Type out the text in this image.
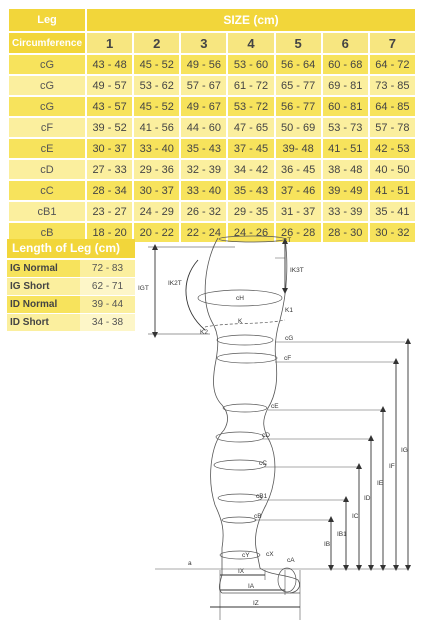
Leg	SIZE (cm)						
Circumference	1	2	3	4	5	6	7
cG	43 - 48	45 - 52	49 - 56	53 - 60	56 - 64	60 - 68	64 - 72
cG	49 - 57	53 - 62	57 - 67	61 - 72	65 - 77	69 - 81	73 - 85
cG	43 - 57	45 - 52	49 - 67	53 - 72	56 - 77	60 - 81	64 - 85
cF	39 - 52	41 - 56	44 - 60	47 - 65	50 - 69	53 - 73	57 - 78
cE	30 - 37	33 - 40	35 - 43	37 - 45	39- 48	41 - 51	42 - 53
cD	27 - 33	29 - 36	32 - 39	34 - 42	36 - 45	38 - 48	40 - 50
cC	28 - 34	30 - 37	33 - 40	35 - 43	37 - 46	39 - 49	41 - 51
cB1	23 - 27	24 - 29	26 - 32	29 - 35	31 - 37	33 - 39	35 - 41
cB	18 - 20	20 - 22	22 - 24	24 - 26	26 - 28	28 - 30	30 - 32
Length of Leg (cm)
IG Normal	72 - 83
IG Short	62 - 71
ID Normal	39 - 44
ID Short	34 - 38
cT
IK3T
IK2T
IGT
cH
K1
K
K2
cG
cF
cE
cD
cC
cB1
cB
cY	cX
cA
a
IX
IA
IZ
IB
IB1
IC
ID
IE
IF
IG
